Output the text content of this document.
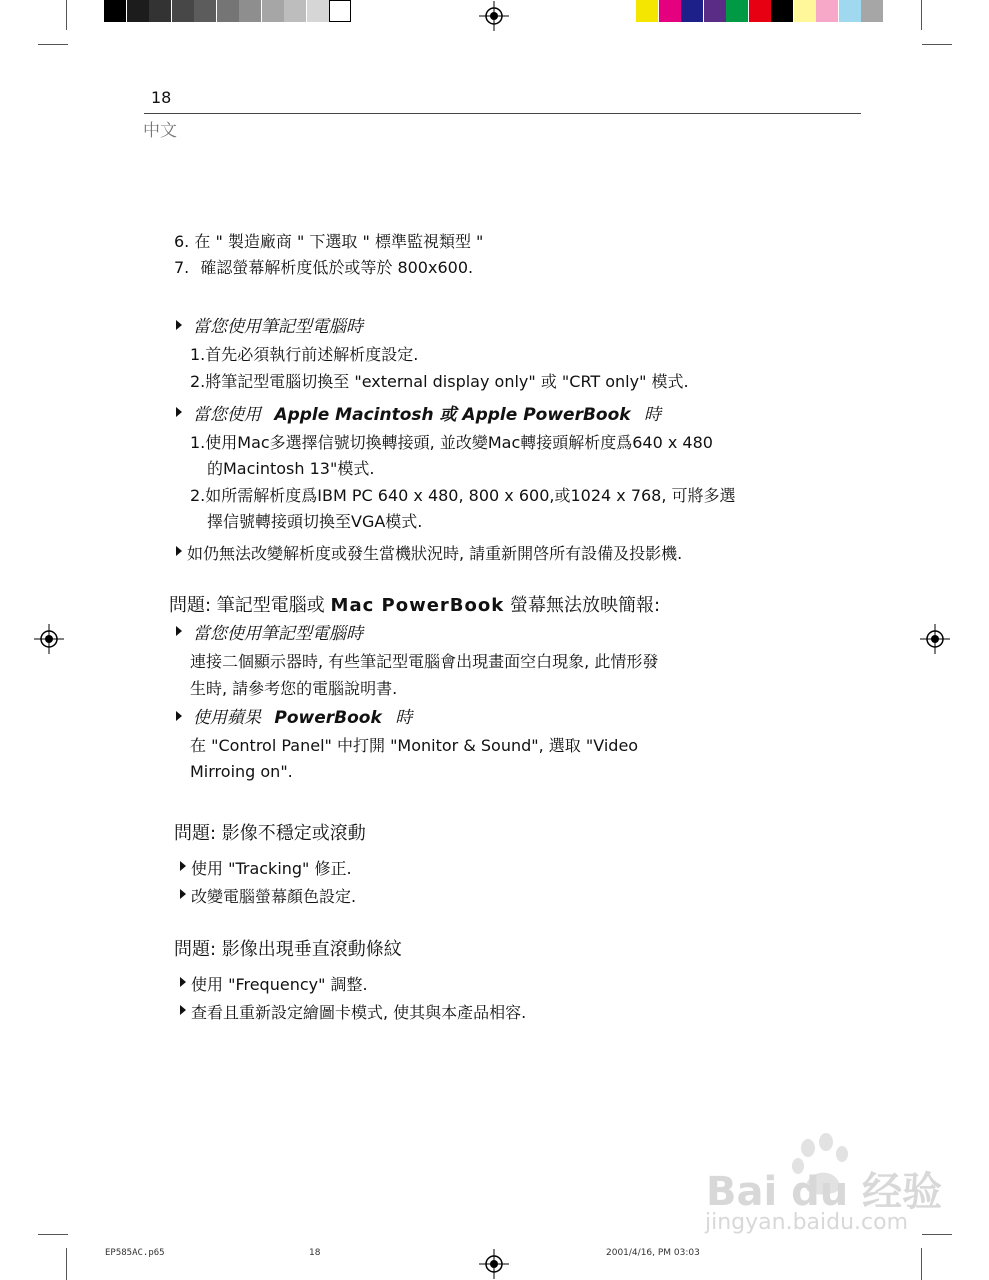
18
中文
6. 在 " 製造廠商 " 下選取 " 標準監視類型 "
7. 確認螢幕解析度低於或等於 800x600.
當您使用筆記型電腦時
1.首先必須執行前述解析度設定.
2.將筆記型電腦切換至 "external display only" 或 "CRT only" 模式.
當您使用 Apple Macintosh 或 Apple PowerBook 時
1.使用Mac多選擇信號切換轉接頭, 並改變Mac轉接頭解析度爲640 x 480
的Macintosh 13"模式.
2.如所需解析度爲IBM PC 640 x 480, 800 x 600,或1024 x 768, 可將多選
擇信號轉接頭切換至VGA模式.
如仍無法改變解析度或發生當機狀況時, 請重新開啓所有設備及投影機.
問題: 筆記型電腦或 Mac PowerBook 螢幕無法放映簡報:
當您使用筆記型電腦時
連接二個顯示器時, 有些筆記型電腦會出現畫面空白現象, 此情形發
生時, 請參考您的電腦說明書.
使用蘋果 PowerBook 時
在 "Control Panel" 中打開 "Monitor & Sound", 選取 "Video
Mirroing on".
問題: 影像不穩定或滾動
使用 "Tracking" 修正.
改變電腦螢幕顏色設定.
問題: 影像出現垂直滾動條紋
使用 "Frequency" 調整.
查看且重新設定繪圖卡模式, 使其與本產品相容.
Bai du 经验
jingyan.baidu.com
EP585AC.p65	18	2001/4/16, PM 03:03
